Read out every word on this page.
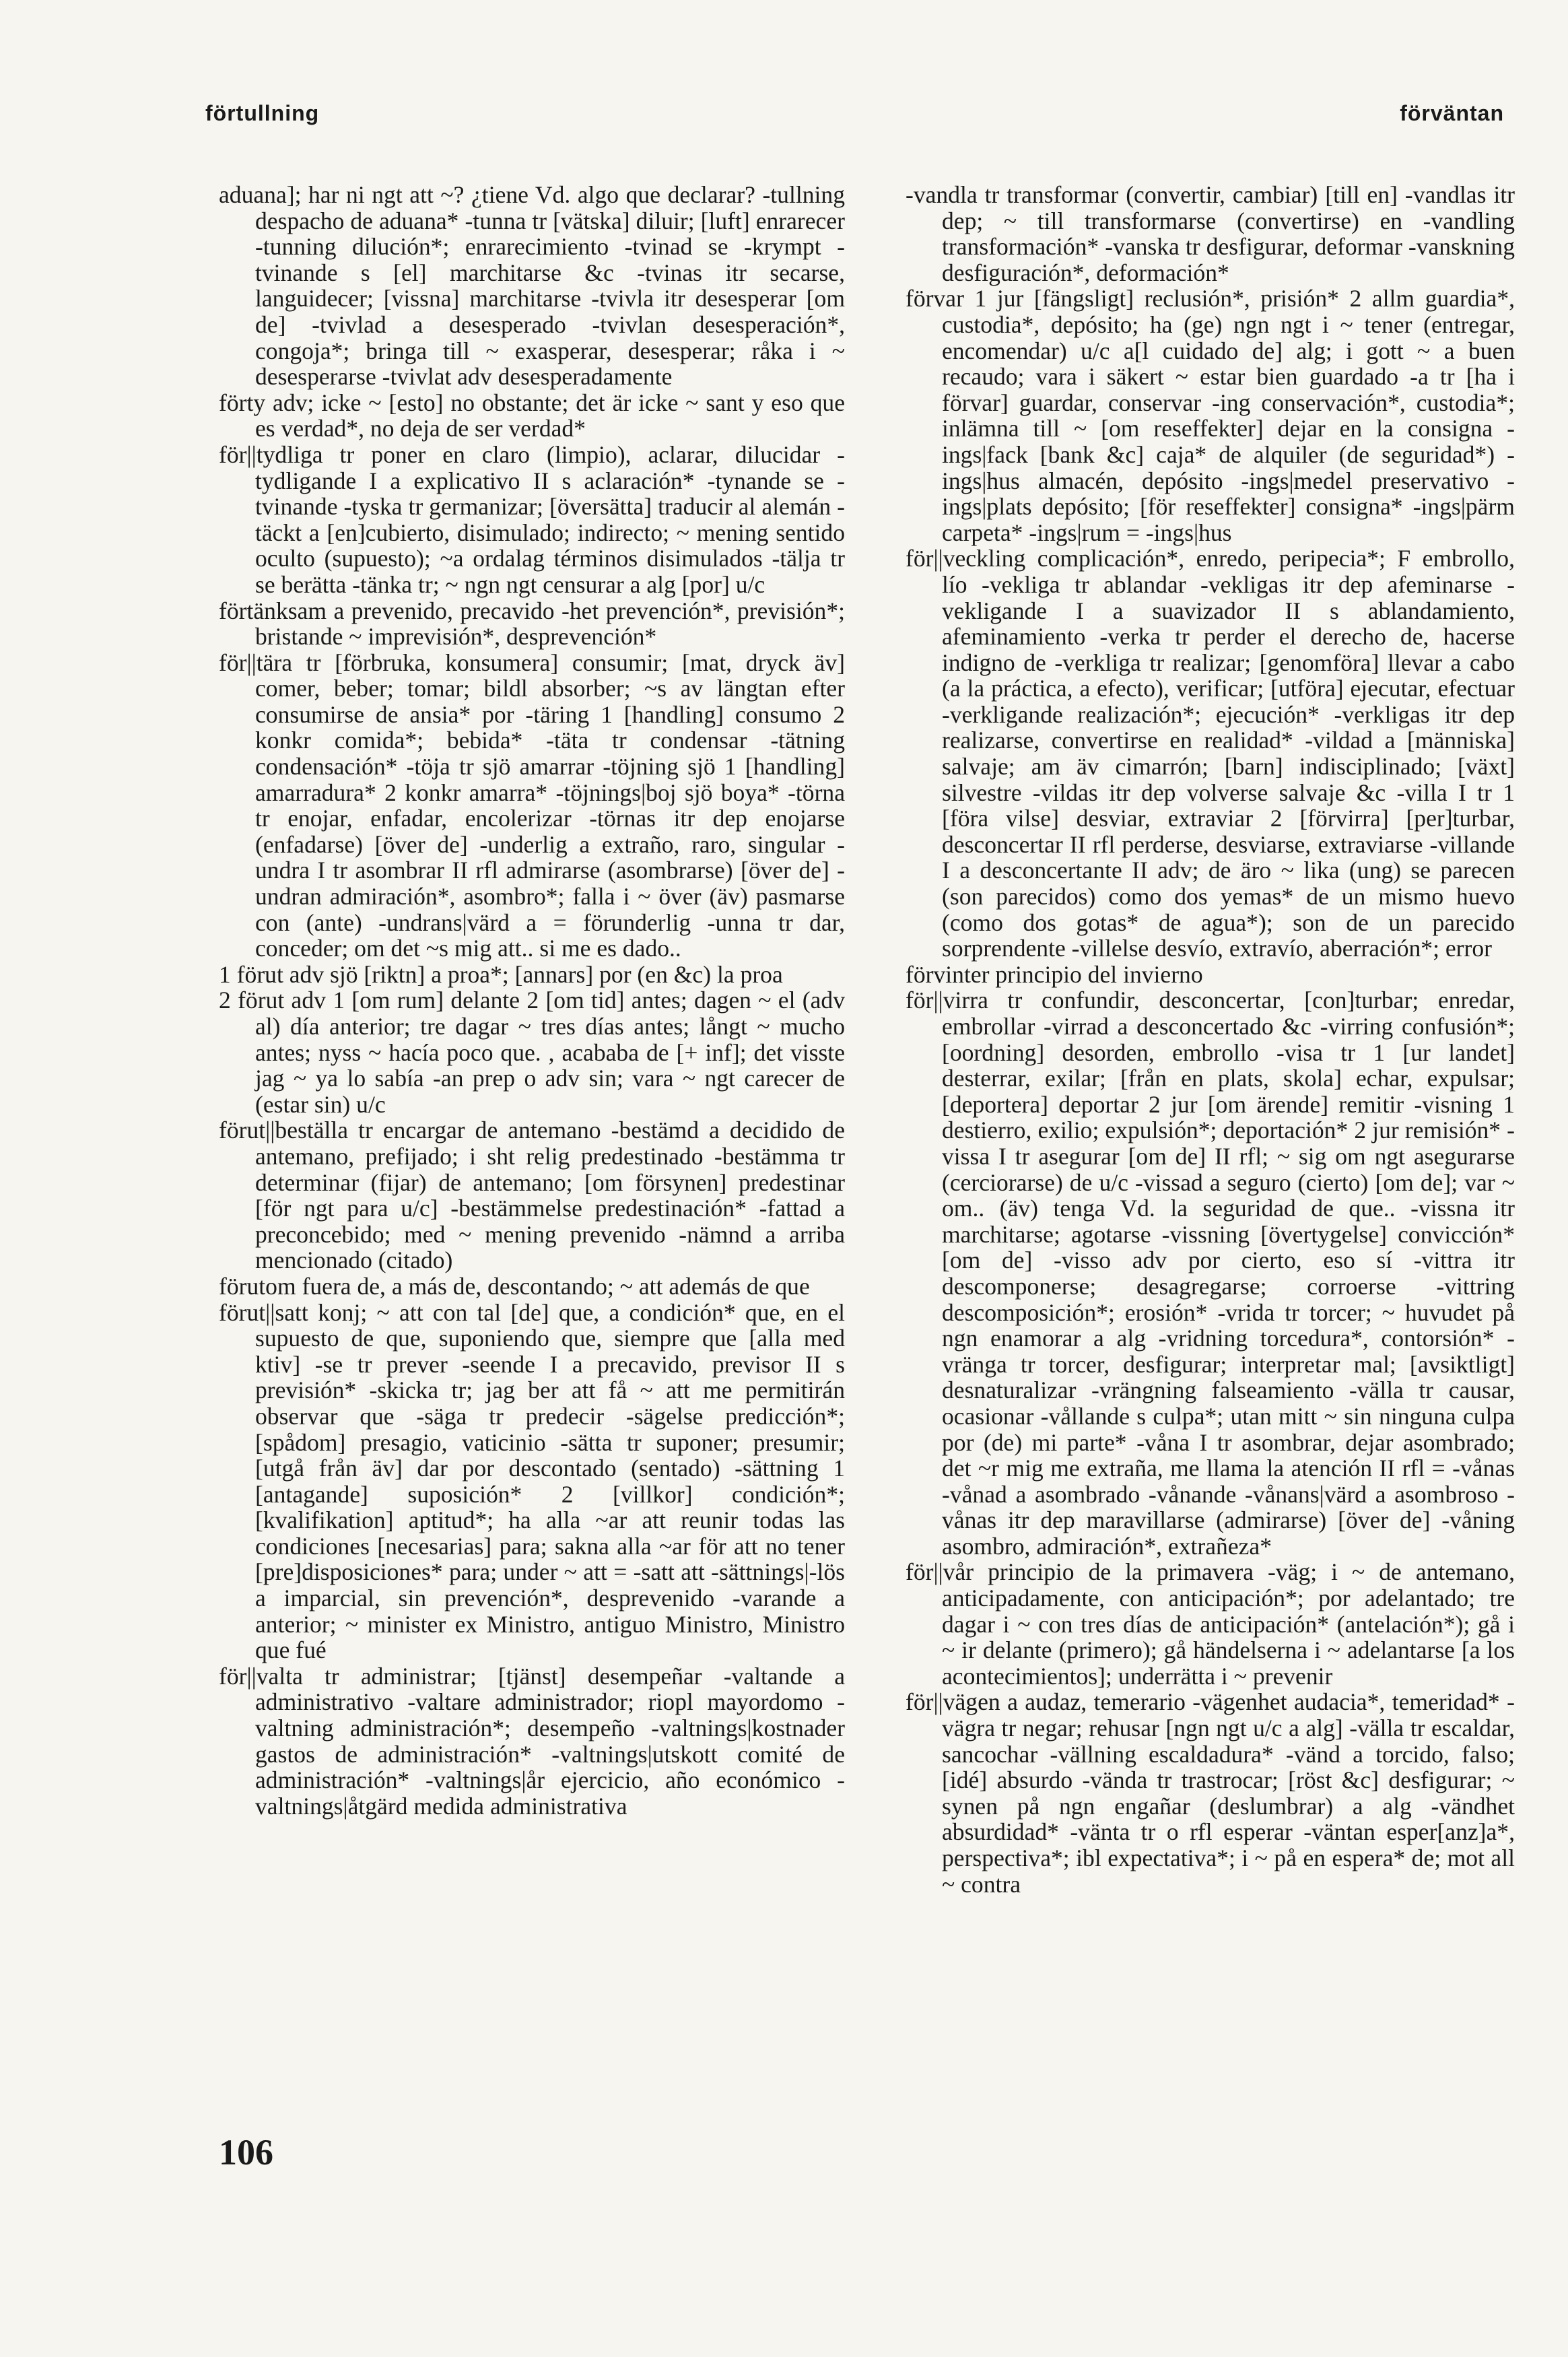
förtullning	förväntan

aduana]; har ni ngt att ~? ¿tiene Vd. algo que declarar? -tullning despacho de aduana* -tunna tr [vätska] diluir; [luft] enrarecer -tunning dilución*; enrarecimiento -tvinad se -krympt -tvinande s [el] marchitarse &c -tvinas itr secarse, languidecer; [vissna] marchitarse -tvivla itr desesperar [om de] -tvivlad a desesperado -tvivlan desesperación*, congoja*; bringa till ~ exasperar, desesperar; råka i ~ desesperarse -tvivlat adv desesperadamente

förty adv; icke ~ [esto] no obstante; det är icke ~ sant y eso que es verdad*, no deja de ser verdad*

för||tydliga tr poner en claro (limpio), aclarar, dilucidar -tydligande I a explicativo II s aclaración* -tynande se -tvinande -tyska tr germanizar; [översätta] traducir al alemán -täckt a [en]cubierto, disimulado; indirecto; ~ mening sentido oculto (supuesto); ~a ordalag términos disimulados -tälja tr se berätta -tänka tr; ~ ngn ngt censurar a alg [por] u/c

förtänksam a prevenido, precavido -het prevención*, previsión*; bristande ~ imprevisión*, desprevención*

för||tära tr [förbruka, konsumera] consumir; [mat, dryck äv] comer, beber; tomar; bildl absorber; ~s av längtan efter consumirse de ansia* por -täring 1 [handling] consumo 2 konkr comida*; bebida* -täta tr condensar -tätning condensación* -töja tr sjö amarrar -töjning sjö 1 [handling] amarradura* 2 konkr amarra* -töjnings|boj sjö boya* -törna tr enojar, enfadar, encolerizar -törnas itr dep enojarse (enfadarse) [över de] -underlig a extraño, raro, singular -undra I tr asombrar II rfl admirarse (asombrarse) [över de] -undran admiración*, asombro*; falla i ~ över (äv) pasmarse con (ante) -undrans|värd a = förunderlig -unna tr dar, conceder; om det ~s mig att.. si me es dado..

1 förut adv sjö [riktn] a proa*; [annars] por (en &c) la proa

2 förut adv 1 [om rum] delante 2 [om tid] antes; dagen ~ el (adv al) día anterior; tre dagar ~ tres días antes; långt ~ mucho antes; nyss ~ hacía poco que. , acababa de [+ inf]; det visste jag ~ ya lo sabía -an prep o adv sin; vara ~ ngt carecer de (estar sin) u/c

förut||beställa tr encargar de antemano -bestämd a decidido de antemano, prefijado; i sht relig predestinado -bestämma tr determinar (fijar) de antemano; [om försynen] predestinar [för ngt para u/c] -bestämmelse predestinación* -fattad a preconcebido; med ~ mening prevenido -nämnd a arriba mencionado (citado)

förutom fuera de, a más de, descontando; ~ att además de que

förut||satt konj; ~ att con tal [de] que, a condición* que, en el supuesto de que, suponiendo que, siempre que [alla med ktiv] -se tr prever -seende I a precavido, previsor II s previsión* -skicka tr; jag ber att få ~ att me permitirán observar que -säga tr predecir -sägelse predicción*; [spådom] presagio, vaticinio -sätta tr suponer; presumir; [utgå från äv] dar por descontado (sentado) -sättning 1 [antagande] suposición* 2 [villkor] condición*; [kvalifikation] aptitud*; ha alla ~ar att reunir todas las condiciones [necesarias] para; sakna alla ~ar för att no tener [pre]disposiciones* para; under ~ att = -satt att -sättnings|-lös a imparcial, sin prevención*, desprevenido -varande a anterior; ~ minister ex Ministro, antiguo Ministro, Ministro que fué

för||valta tr administrar; [tjänst] desempeñar -valtande a administrativo -valtare administrador; riopl mayordomo -valtning administración*; desempeño -valtnings|kostnader gastos de administración* -valtnings|utskott comité de administración* -valtnings|år ejercicio, año económico -valtnings|åtgärd medida administrativa

-vandla tr transformar (convertir, cambiar) [till en] -vandlas itr dep; ~ till transformarse (convertirse) en -vandling transformación* -vanska tr desfigurar, deformar -vanskning desfiguración*, deformación*

förvar 1 jur [fängsligt] reclusión*, prisión* 2 allm guardia*, custodia*, depósito; ha (ge) ngn ngt i ~ tener (entregar, encomendar) u/c a[l cuidado de] alg; i gott ~ a buen recaudo; vara i säkert ~ estar bien guardado -a tr [ha i förvar] guardar, conservar -ing conservación*, custodia*; inlämna till ~ [om reseffekter] dejar en la consigna -ings|fack [bank &c] caja* de alquiler (de seguridad*) -ings|hus almacén, depósito -ings|medel preservativo -ings|plats depósito; [för reseffekter] consigna* -ings|pärm carpeta* -ings|rum = -ings|hus

för||veckling complicación*, enredo, peripecia*; F embrollo, lío -vekliga tr ablandar -vekligas itr dep afeminarse -vekligande I a suavizador II s ablandamiento, afeminamiento -verka tr perder el derecho de, hacerse indigno de -verkliga tr realizar; [genomföra] llevar a cabo (a la práctica, a efecto), verificar; [utföra] ejecutar, efectuar -verkligande realización*; ejecución* -verkligas itr dep realizarse, convertirse en realidad* -vildad a [människa] salvaje; am äv cimarrón; [barn] indisciplinado; [växt] silvestre -vildas itr dep volverse salvaje &c -villa I tr 1 [föra vilse] desviar, extraviar 2 [förvirra] [per]turbar, desconcertar II rfl perderse, desviarse, extraviarse -villande I a desconcertante II adv; de äro ~ lika (ung) se parecen (son parecidos) como dos yemas* de un mismo huevo (como dos gotas* de agua*); son de un parecido sorprendente -villelse desvío, extravío, aberración*; error

förvinter principio del invierno

för||virra tr confundir, desconcertar, [con]turbar; enredar, embrollar -virrad a desconcertado &c -virring confusión*; [oordning] desorden, embrollo -visa tr 1 [ur landet] desterrar, exilar; [från en plats, skola] echar, expulsar; [deportera] deportar 2 jur [om ärende] remitir -visning 1 destierro, exilio; expulsión*; deportación* 2 jur remisión* -vissa I tr asegurar [om de] II rfl; ~ sig om ngt asegurarse (cerciorarse) de u/c -vissad a seguro (cierto) [om de]; var ~ om.. (äv) tenga Vd. la seguridad de que.. -vissna itr marchitarse; agotarse -vissning [övertygelse] convicción* [om de] -visso adv por cierto, eso sí -vittra itr descomponerse; desagregarse; corroerse -vittring descomposición*; erosión* -vrida tr torcer; ~ huvudet på ngn enamorar a alg -vridning torcedura*, contorsión* -vränga tr torcer, desfigurar; interpretar mal; [avsiktligt] desnaturalizar -vrängning falseamiento -välla tr causar, ocasionar -vållande s culpa*; utan mitt ~ sin ninguna culpa por (de) mi parte* -våna I tr asombrar, dejar asombrado; det ~r mig me extraña, me llama la atención II rfl = -vånas -vånad a asombrado -vånande -vånans|värd a asombroso -vånas itr dep maravillarse (admirarse) [över de] -våning asombro, admiración*, extrañeza*

för||vår principio de la primavera -väg; i ~ de antemano, anticipadamente, con anticipación*; por adelantado; tre dagar i ~ con tres días de anticipación* (antelación*); gå i ~ ir delante (primero); gå händelserna i ~ adelantarse [a los acontecimientos]; underrätta i ~ prevenir

för||vägen a audaz, temerario -vägenhet audacia*, temeridad* -vägra tr negar; rehusar [ngn ngt u/c a alg] -välla tr escaldar, sancochar -vällning escaldadura* -vänd a torcido, falso; [idé] absurdo -vända tr trastrocar; [röst &c] desfigurar; ~ synen på ngn engañar (deslumbrar) a alg -vändhet absurdidad* -vänta tr o rfl esperar -väntan esper[anz]a*, perspectiva*; ibl expectativa*; i ~ på en espera* de; mot all ~ contra

106
